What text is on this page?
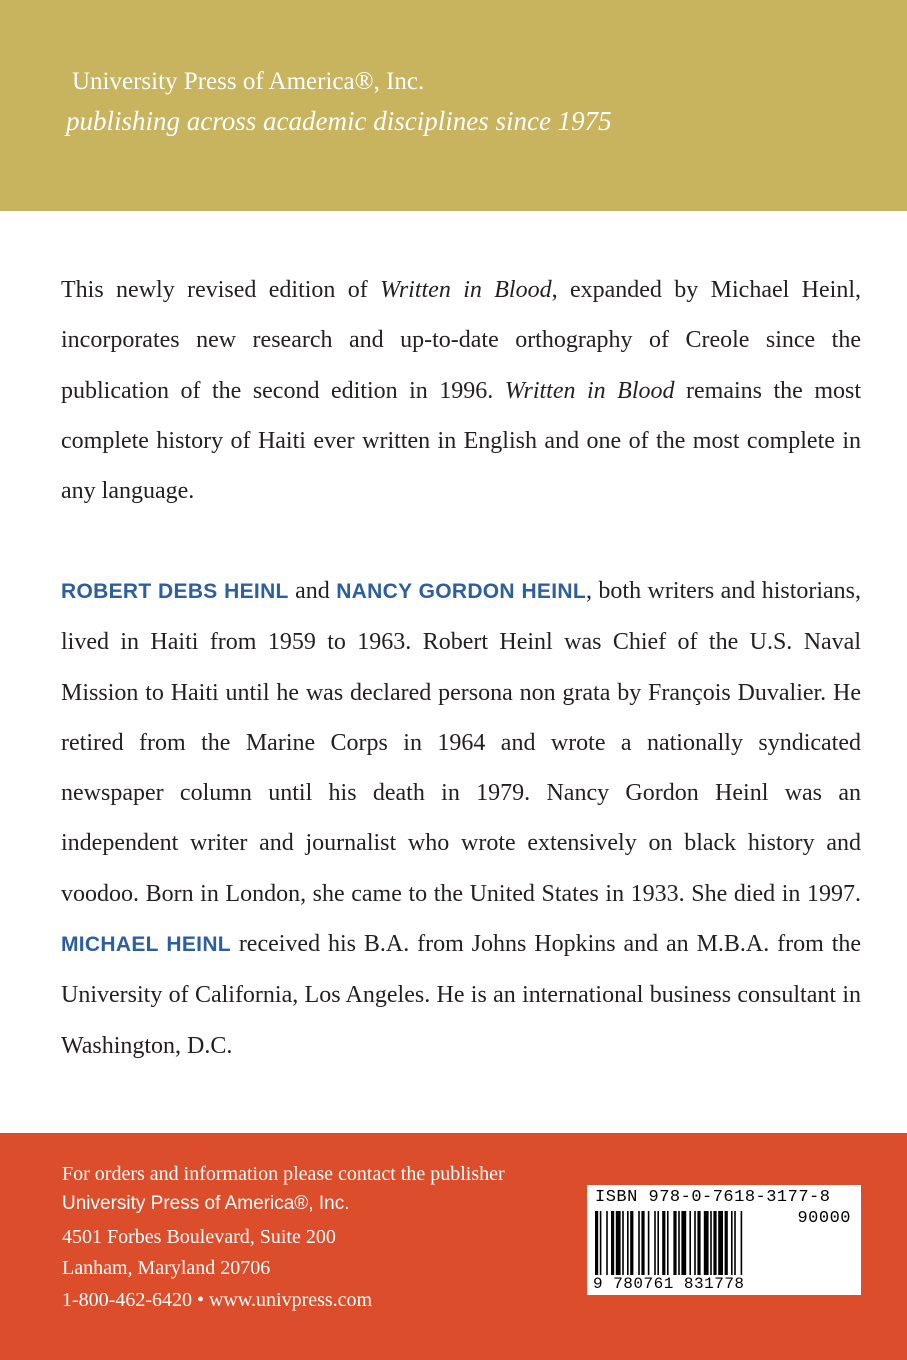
University Press of America®, Inc.
publishing across academic disciplines since 1975

This newly revised edition of Written in Blood, expanded by Michael Heinl, incorporates new research and up-to-date orthography of Creole since the publication of the second edition in 1996. Written in Blood remains the most complete history of Haiti ever written in English and one of the most complete in any language.

ROBERT DEBS HEINL and NANCY GORDON HEINL, both writers and historians, lived in Haiti from 1959 to 1963. Robert Heinl was Chief of the U.S. Naval Mission to Haiti until he was declared persona non grata by François Duvalier. He retired from the Marine Corps in 1964 and wrote a nationally syndicated newspaper column until his death in 1979. Nancy Gordon Heinl was an independent writer and journalist who wrote extensively on black history and voodoo. Born in London, she came to the United States in 1933. She died in 1997. MICHAEL HEINL received his B.A. from Johns Hopkins and an M.B.A. from the University of California, Los Angeles. He is an international business consultant in Washington, D.C.

For orders and information please contact the publisher
University Press of America®, Inc.
4501 Forbes Boulevard, Suite 200
Lanham, Maryland 20706
1-800-462-6420 • www.univpress.com
ISBN 978-0-7618-3177-8
90000
9 780761 831778
